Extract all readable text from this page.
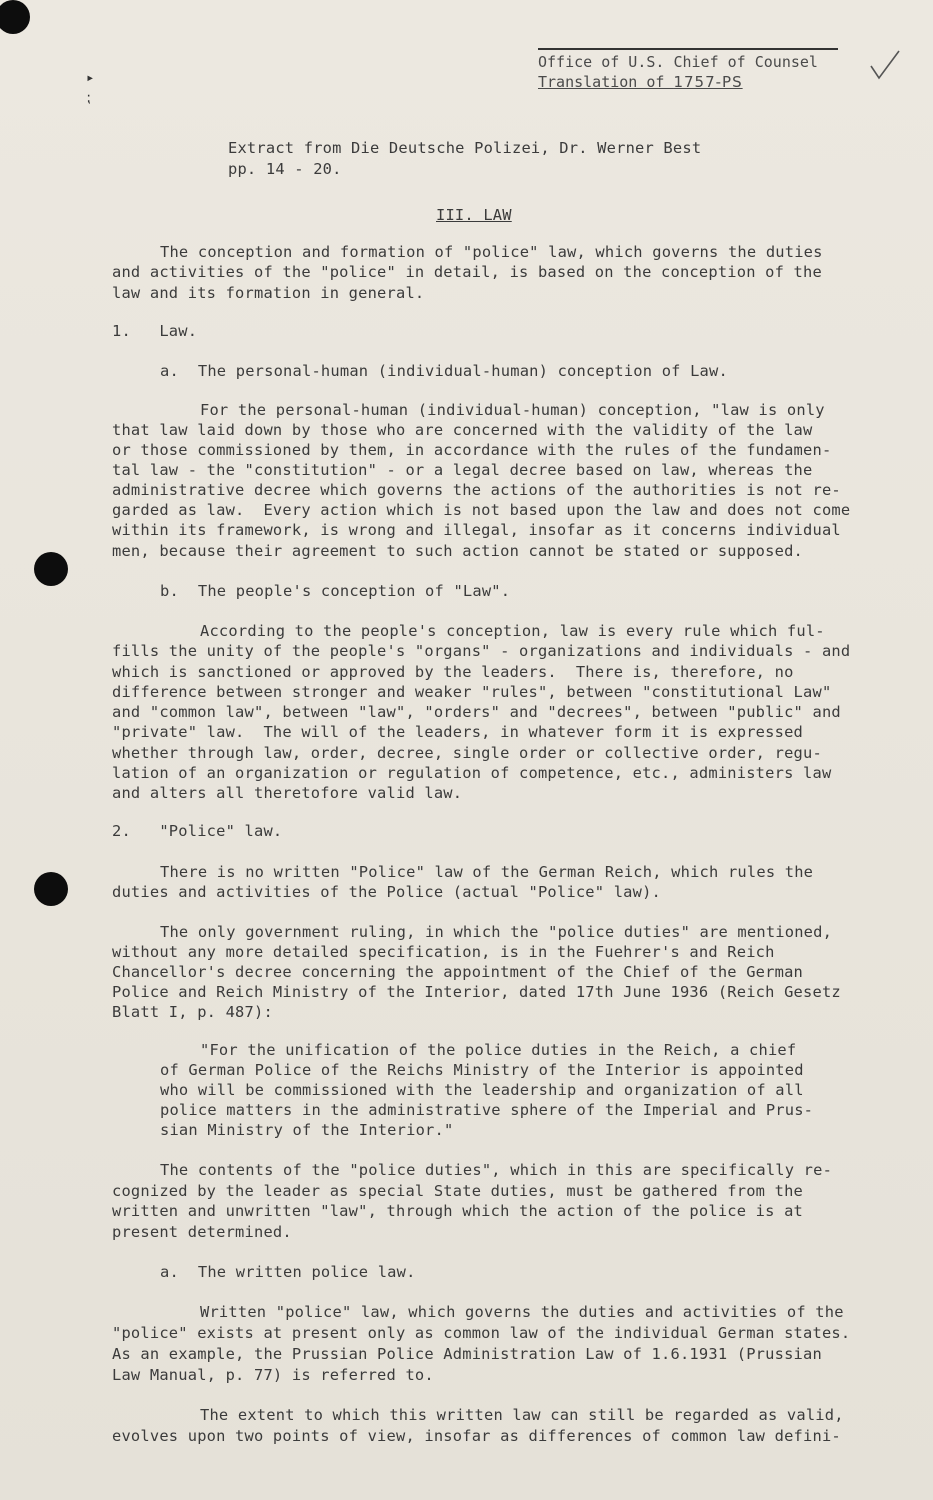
▸
⁏
Office of U.S. Chief of Counsel
Translation of 1757-PS
Extract from Die Deutsche Polizei, Dr. Werner Best
pp. 14 - 20.
III. LAW
The conception and formation of "police" law, which governs the duties
and activities of the "police" in detail, is based on the conception of the
law and its formation in general.
1.   Law.
a.  The personal-human (individual-human) conception of Law.
For the personal-human (individual-human) conception, "law is only
that law laid down by those who are concerned with the validity of the law
or those commissioned by them, in accordance with the rules of the fundamen-
tal law - the "constitution" - or a legal decree based on law, whereas the
administrative decree which governs the actions of the authorities is not re-
garded as law.  Every action which is not based upon the law and does not come
within its framework, is wrong and illegal, insofar as it concerns individual
men, because their agreement to such action cannot be stated or supposed.
b.  The people's conception of "Law".
According to the people's conception, law is every rule which ful-
fills the unity of the people's "organs" - organizations and individuals - and
which is sanctioned or approved by the leaders.  There is, therefore, no
difference between stronger and weaker "rules", between "constitutional Law"
and "common law", between "law", "orders" and "decrees", between "public" and
"private" law.  The will of the leaders, in whatever form it is expressed
whether through law, order, decree, single order or collective order, regu-
lation of an organization or regulation of competence, etc., administers law
and alters all theretofore valid law.
2.   "Police" law.
There is no written "Police" law of the German Reich, which rules the
duties and activities of the Police (actual "Police" law).
The only government ruling, in which the "police duties" are mentioned,
without any more detailed specification, is in the Fuehrer's and Reich
Chancellor's decree concerning the appointment of the Chief of the German
Police and Reich Ministry of the Interior, dated 17th June 1936 (Reich Gesetz
Blatt I, p. 487):
"For the unification of the police duties in the Reich, a chief
of German Police of the Reichs Ministry of the Interior is appointed
who will be commissioned with the leadership and organization of all
police matters in the administrative sphere of the Imperial and Prus-
sian Ministry of the Interior."
The contents of the "police duties", which in this are specifically re-
cognized by the leader as special State duties, must be gathered from the
written and unwritten "law", through which the action of the police is at
present determined.
a.  The written police law.
Written "police" law, which governs the duties and activities of the
"police" exists at present only as common law of the individual German states.
As an example, the Prussian Police Administration Law of 1.6.1931 (Prussian
Law Manual, p. 77) is referred to.
The extent to which this written law can still be regarded as valid,
evolves upon two points of view, insofar as differences of common law defini-
